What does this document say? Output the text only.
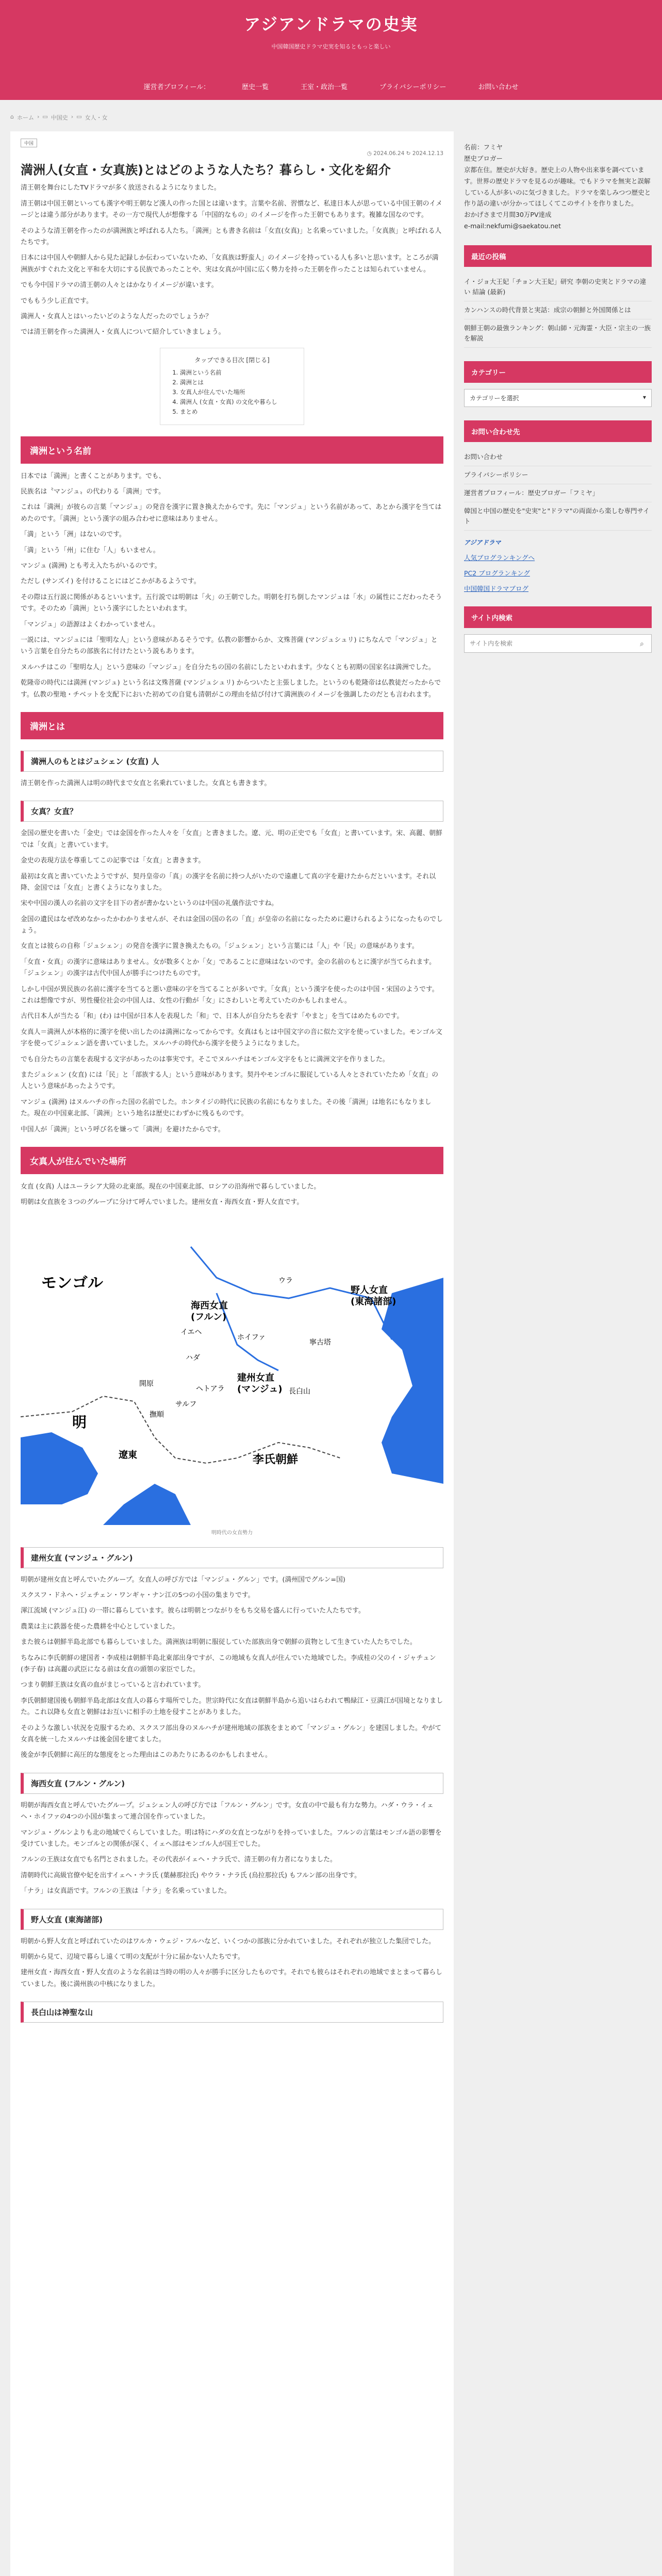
アジアンドラマの史実
中国韓国歴史ドラマ史実を知るともっと楽しい
運営者プロフィール：	歴史一覧	王室・政治一覧	プライバシーポリシー	お問い合わせ
⌂ ホーム › ▭ 中国史 › ▭ 女人・女
中国
◷ 2024.06.24 ↻ 2024.12.13
満洲人(女直・女真族)とはどのような人たち？暮らし・文化を紹介

清王朝を舞台にしたTVドラマが多く放送されるようになりました。

清王朝は中国王朝といっても漢字や明王朝など漢人の作った国とは違います。言葉や名前、習慣など、私達日本人が思っている中国王朝のイメージとは違う部分があります。その一方で現代人が想像する「中国的なもの」のイメージを作った王朝でもあります。複雑な国なのです。

そのような清王朝を作ったのが満洲族と呼ばれる人たち。「満洲」とも書き名前は「女直(女真)」と名乗っていました。「女真族」と呼ばれる人たちです。

日本には中国人や朝鮮人から見た記録しか伝わっていないため、「女真族は野蛮人」のイメージを持っている人も多いと思います。ところが満洲族がすぐれた文化と平和を大切にする民族であったことや、実は女真が中国に広く勢力を持った王朝を作ったことは知られていません。

でも今中国ドラマの清王朝の人々とはかなりイメージが違います。

でももう少し正直です。

満洲人・女真人とはいったいどのような人だったのでしょうか？

では清王朝を作った満洲人・女真人について紹介していきましょう。

タップできる目次 [閉じる]
1. 満洲という名前
2. 満洲とは
3. 女真人が住んでいた場所
4. 満洲人 (女直・女真) の文化や暮らし
5. まとめ
満洲という名前

日本では「満洲」と書くことがあります。でも、

民族名は〝マンジュ〟の代わりる「満洲」です。

これは「満洲」が彼らの言葉「マンジュ」の発音を漢字に置き換えたからです。先に「マンジュ」という名前があって、あとから漢字を当てはめたのです。「満洲」という漢字の組み合わせに意味はありません。

「満」という「洲」はないのです。

「満」という「州」に住む「人」もいません。

マンジュ (満洲) とも考え入たちがいるのです。

ただし (サンズイ) を付けることにはどこかがあるようです。

その際は五行説に関係があるといいます。五行説では明朝は「火」の王朝でした。明朝を打ち倒したマンジュは「水」の属性にこだわったそうです。そのため「満洲」という漢字にしたといわれます。

「マンジュ」の語源はよくわかっていません。

一説には、マンジュには「聖明な人」という意味があるそうです。仏教の影響からか、文殊菩薩 (マンジュシュリ) にちなんで「マンジュ」という言葉を自分たちの部族名に付けたという説もあります。

ヌルハチはこの「聖明な人」という意味の「マンジュ」を自分たちの国の名前にしたといわれます。少なくとも初期の国家名は満洲でした。

乾隆帝の時代には満洲 (マンジュ) という名は文殊菩薩 (マンジュシュリ) からついたと主張しました。というのも乾隆帝は仏教徒だったからです。仏教の聖地・チベットを支配下においた初めての自覚も清朝がこの理由を結び付けて満洲族のイメージを強調したのだとも言われます。

満洲とは
満洲人のもとはジュシェン (女直) 人

清王朝を作った満洲人は明の時代まで女直と名乗れていました。女真とも書きます。

女真？女直？

金国の歴史を書いた「金史」では金国を作った人々を「女直」と書きました。遼、元、明の正史でも「女直」と書いています。宋、高麗、朝鮮では「女真」と書いています。

金史の表現方法を尊重してこの記事では「女直」と書きます。

最初は女真と書いていたようですが、契丹皇帝の「真」の漢字を名前に持つ人がいたので遠慮して真の字を避けたからだといいます。それ以降、金国では「女直」と書くようになりました。

宋や中国の漢人の名前の文字を目下の者が書かないというのは中国の礼儀作法ですね。

金国の遺民はなぜ改めなかったかわかりませんが、それは金国の国の名の「直」が皇帝の名前になったために避けられるようになったものでしょう。

女直とは彼らの自称「ジュシェン」の発音を漢字に置き換えたもの。「ジュシェン」という言葉には「人」や「民」の意味があります。

「女直・女真」の漢字に意味はありません。女が数多くとか「女」であることに意味はないのです。金の名前のもとに漢字が当てられます。「ジュシェン」の漢字は古代中国人が勝手につけたものです。

しかし中国が異民族の名前に漢字を当てると悪い意味の字を当てることが多いです。「女真」という漢字を使ったのは中国・宋国のようです。これは想像ですが、男性優位社会の中国人は、女性の行動が「女」にさわしいと考えていたのかもしれません。

古代日本人が当たる「和」(わ) は中国が日本人を表現した「和」で、日本人が自分たちを表す「やまと」を当てはめたものです。

女真人＝満洲人が本格的に漢字を使い出したのは満洲になってからです。女真はもとは中国文字の音に似た文字を使っていました。モンゴル文字を使ってジュシェン語を書いていました。ヌルハチの時代から漢字を使うようになりました。

でも自分たちの言葉を表現する文字があったのは事実です。そこでヌルハチはモンゴル文字をもとに満洲文字を作りました。

またジュシェン (女直) には「民」と「部族する人」という意味があります。契丹やモンゴルに服従している人々とされていたため「女直」の人という意味があったようです。

マンジュ (満洲) はヌルハチの作った国の名前でした。ホンタイジの時代に民族の名前にもなりました。その後「満洲」は地名にもなりました。現在の中国東北部、「満洲」という地名は歴史にわずかに残るものです。

中国人が「満洲」という呼び名を嫌って「満洲」を避けたからです。

女真人が住んでいた場所

女直 (女真) 人はユーラシア大陸の北東部。現在の中国東北部、ロシアの沿海州で暮らしていました。

明朝は女直族を３つのグループに分けて呼んでいました。建州女直・海西女直・野人女直です。

モンゴル
海西女直(フルン)
野人女直(東海諸部)
建州女直(マンジュ)
明
遼東	李氏朝鮮
ウラ
ホイファ
イエヘ
ハダ
長白山
サルフ
ヘトアラ
撫順
寧古塔
開原
明時代の女直勢力
建州女直 (マンジュ・グルン)

明朝が建州女直と呼んでいたグループ。女直人の呼び方では「マンジュ・グルン」です。(満州国でグルン=国)

スクスフ・ドネヘ・ジェチェン・ワンギャ・ナン江の5つの小国の集まりです。

渾江流域 (マンジュ江) の一帯に暮らしています。彼らは明朝とつながりをもち交易を盛んに行っていた人たちです。

農業は主に鉄器を使った農耕を中心としていました。

また彼らは朝鮮半島北部でも暮らしていました。満洲族は明朝に服従していた部族出身で朝鮮の貢物として生きていた人たちでした。

ちなみに李氏朝鮮の建国者・李成桂は朝鮮半島北東部出身ですが、この地域も女真人が住んでいた地域でした。李成桂の父のイ・ジャチュン (李子春) は高麗の武臣になる前は女直の頭領の家臣でした。

つまり朝鮮王族は女真の血がまじっていると言われています。

李氏朝鮮建国後も朝鮮半島北部は女直人の暮らす場所でした。世宗時代に女直は朝鮮半島から追いはらわれて鴨緑江・豆満江が国境となりました。これ以降も女直と朝鮮はお互いに相手の土地を侵すことがありました。

そのような激しい状況を克服するため、スクスフ部出身のヌルハチが建州地域の部族をまとめて「マンジュ・グルン」を建国しました。やがて女真を統一したヌルハチは後金国を建てました。

後金が李氏朝鮮に高圧的な態度をとった理由はこのあたりにあるのかもしれません。

海西女直 (フルン・グルン)

明朝が海西女直と呼んでいたグループ。ジュシェン人の呼び方では「フルン・グルン」です。女直の中で最も有力な勢力。ハダ・ウラ・イェヘ・ホイファの4つの小国が集まって連合国を作っていました。

マンジュ・グルンよりも北の地域でくらしていました。明は特にハダの女直とつながりを持っていました。フルンの言葉はモンゴル語の影響を受けていました。モンゴルとの関係が深く、イェヘ部はモンゴル人が国王でした。

フルンの王族は女直でも名門とされました。その代表がイェヘ・ナラ氏で、清王朝の有力者になりました。

清朝時代に高級官僚や妃を出すイェヘ・ナラ氏 (葉赫那拉氏) やウラ・ナラ氏 (烏拉那拉氏) もフルン部の出身です。

「ナラ」は女真語です。フルンの王族は「ナラ」を名乗っていました。

野人女直 (東海諸部)

明朝から野人女直と呼ばれていたのはワルカ・ウェジ・フルハなど、いくつかの部族に分かれていました。それぞれが独立した集団でした。

明朝から見て、辺境で暮らし遠くて明の支配が十分に届かない人たちです。

建州女直・海西女直・野人女直のような名前は当時の明の人々が勝手に区分したものです。それでも彼らはそれぞれの地域でまとまって暮らしていました。後に満州族の中核になりました。

長白山は神聖な山
名前：フミヤ
歴史ブロガー
京都在住。歴史が大好き。歴史上の人物や出来事を調べています。世界の歴史ドラマを見るのが趣味。でもドラマを無実と誤解している人が多いのに気づきました。ドラマを楽しみつつ歴史と作り話の違いが分かってほしくてこのサイトを作りました。
おかげさまで月間30万PV達成
e-mail:nekfumi@saekatou.net
最近の投稿
イ・ジョ大王妃「チョン大王妃」研究 李朝の史実とドラマの違い 結論 (最新)
カンハンスの時代背景と実話：成宗の朝鮮と外国関係とは
朝鮮王朝の最強ランキング：朝山師・元海霊・大臣・宗主の一族を解説
カテゴリー
カテゴリーを選択	▾
お問い合わせ先
お問い合わせ
プライバシーポリシー
運営者プロフィール：歴史ブロガー「フミヤ」
韓国と中国の歴史を"史実"と"ドラマ"の両面から楽しむ専門サイト
アジアドラマ
人気ブログランキングへ
PC2 ブログランキング
中国韓国ドラマブログ
サイト内検索
サイト内を検索
⌕
